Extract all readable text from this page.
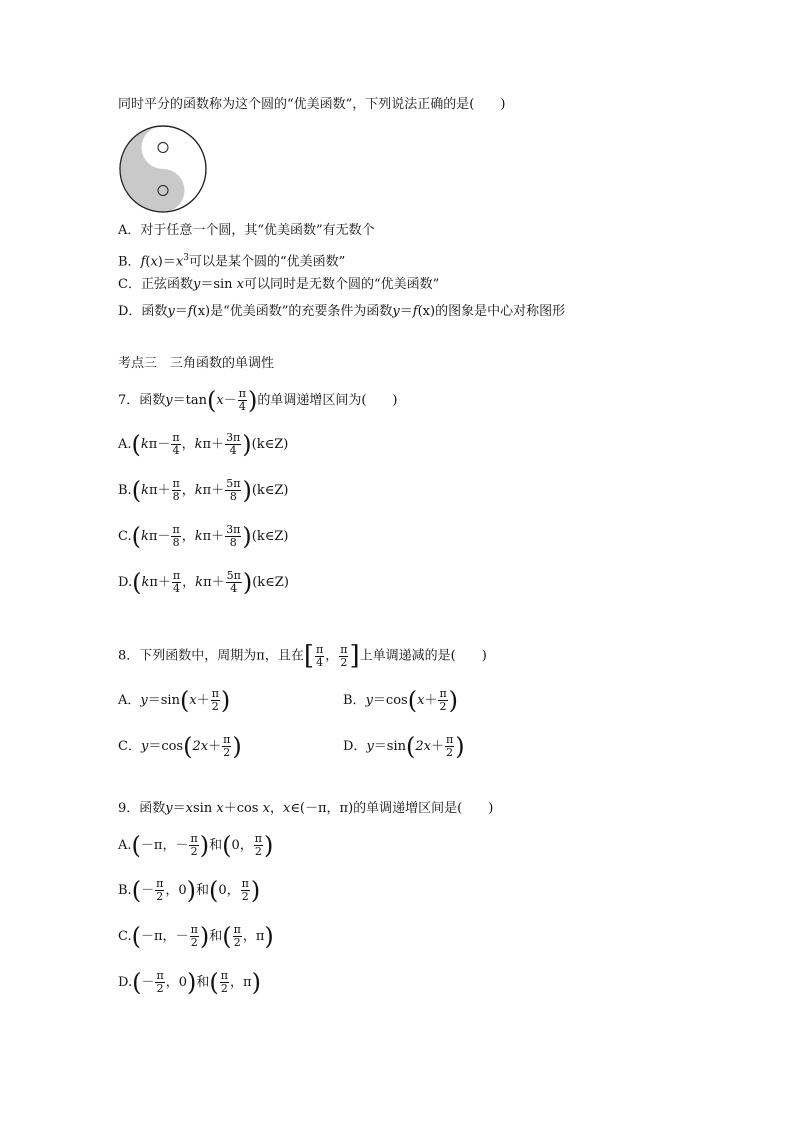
同时平分的函数称为这个圆的“优美函数”，下列说法正确的是(　　)
A．对于任意一个圆，其“优美函数”有无数个
B．$f(x)=x^3$可以是某个圆的“优美函数”
C．正弦函数y＝sin x可以同时是无数个圆的“优美函数”
D．函数y＝f(x)是“优美函数”的充要条件为函数y＝f(x)的图象是中心对称图形
考点三　三角函数的单调性
7．函数$y=\tan(x- \frac{\pi}{4}$ )的单调递增区间为(　　)
$A.(k\pi- \frac{\pi}{4}$ ，$k\pi+ \frac{3\pi}{4}$ )(k∈Z)
$B.(k\pi+ \frac{\pi}{8}$ ，$k\pi+ \frac{5\pi}{8}$ )(k∈Z)
$C.(k\pi- \frac{\pi}{8}$ ，$k\pi+ \frac{3\pi}{8}$ )(k∈Z)
$D.(k\pi+ \frac{\pi}{4}$ ，$k\pi+ \frac{5\pi}{4}$ )(k∈Z)
8．下列函数中，周期为π，且在[ $\frac{\pi}{4}$ ， $\frac{\pi}{2}$ ]上单调递减的是(　　)
A．$y=\sin(x+ \frac{\pi}{2}$ )	B．$y=\cos(x+ \frac{\pi}{2}$ )
C．$y=\cos(2x+ \frac{\pi}{2}$ )	D．$y=\sin(2x+ \frac{\pi}{2}$ )
9．函数y＝xsin x＋cos x，x∈(－π，π)的单调递增区间是(　　)
A.(－π，－ $\frac{\pi}{2}$ )和(0， $\frac{\pi}{2}$ )
$B.(- \frac{\pi}{2}$ ，0)和(0， $\frac{\pi}{2}$ )
C.(－π，－ $\frac{\pi}{2}$ )和( $\frac{\pi}{2}$ ，π)
$D.(- \frac{\pi}{2}$ ，0)和( $\frac{\pi}{2}$ ，π)
